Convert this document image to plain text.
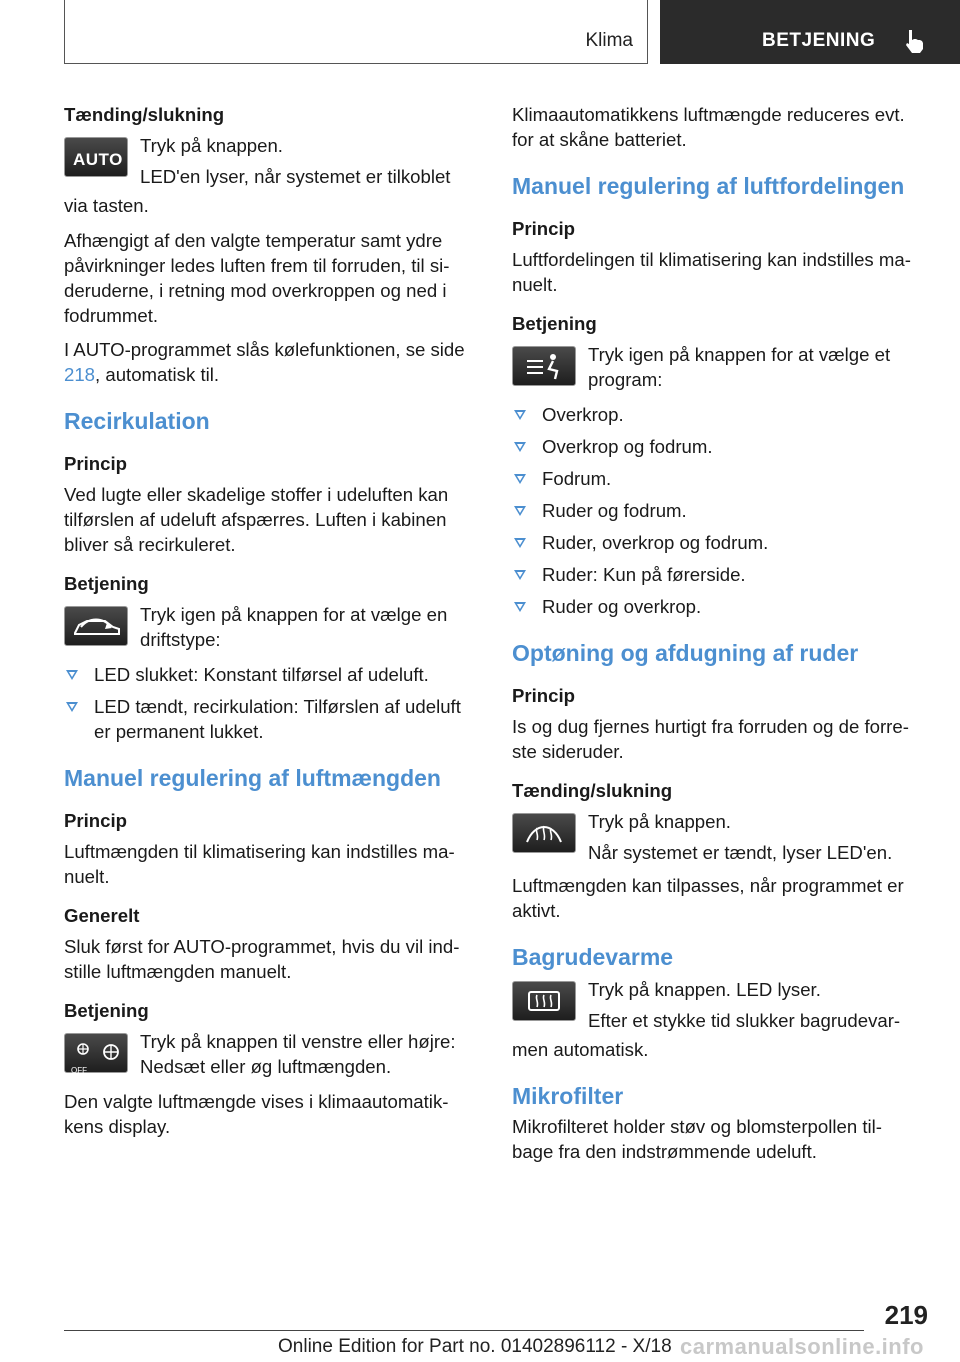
Klima	BETJENING
Tænding/slukning
AUTO

Tryk på knappen.

LED'en lyser, når systemet er tilkoblet

via tasten.

Afhængigt af den valgte temperatur samt ydre påvirkninger ledes luften frem til forruden, til si-deruderne, i retning mod overkroppen og ned i fodrummet.

I AUTO-programmet slås kølefunktionen, se side 218, automatisk til.

Recirkulation
Princip

Ved lugte eller skadelige stoffer i udeluften kan tilførslen af udeluft afspærres. Luften i kabinen bliver så recirkuleret.

Betjening

Tryk igen på knappen for at vælge en driftstype:

LED slukket: Konstant tilførsel af udeluft.
LED tændt, recirkulation: Tilførslen af udeluft er permanent lukket.
Manuel regulering af luftmængden
Princip

Luftmængden til klimatisering kan indstilles ma-nuelt.

Generelt

Sluk først for AUTO-programmet, hvis du vil ind-stille luftmængden manuelt.

Betjening
OFF

Tryk på knappen til venstre eller højre: Nedsæt eller øg luftmængden.

Den valgte luftmængde vises i klimaautomatik-kens display.

Klimaautomatikkens luftmængde reduceres evt. for at skåne batteriet.

Manuel regulering af luftfordelingen
Princip

Luftfordelingen til klimatisering kan indstilles ma-nuelt.

Betjening

Tryk igen på knappen for at vælge et program:

Overkrop.
Overkrop og fodrum.
Fodrum.
Ruder og fodrum.
Ruder, overkrop og fodrum.
Ruder: Kun på førerside.
Ruder og overkrop.
Optøning og afdugning af ruder
Princip

Is og dug fjernes hurtigt fra forruden og de forre-ste sideruder.

Tænding/slukning

Tryk på knappen.

Når systemet er tændt, lyser LED'en.

Luftmængden kan tilpasses, når programmet er aktivt.

Bagrudevarme

Tryk på knappen. LED lyser.

Efter et stykke tid slukker bagrudevar-

men automatisk.

Mikrofilter

Mikrofilteret holder støv og blomsterpollen til-bage fra den indstrømmende udeluft.

219
Online Edition for Part no. 01402896112 - X/18 carmanualsonline.info
